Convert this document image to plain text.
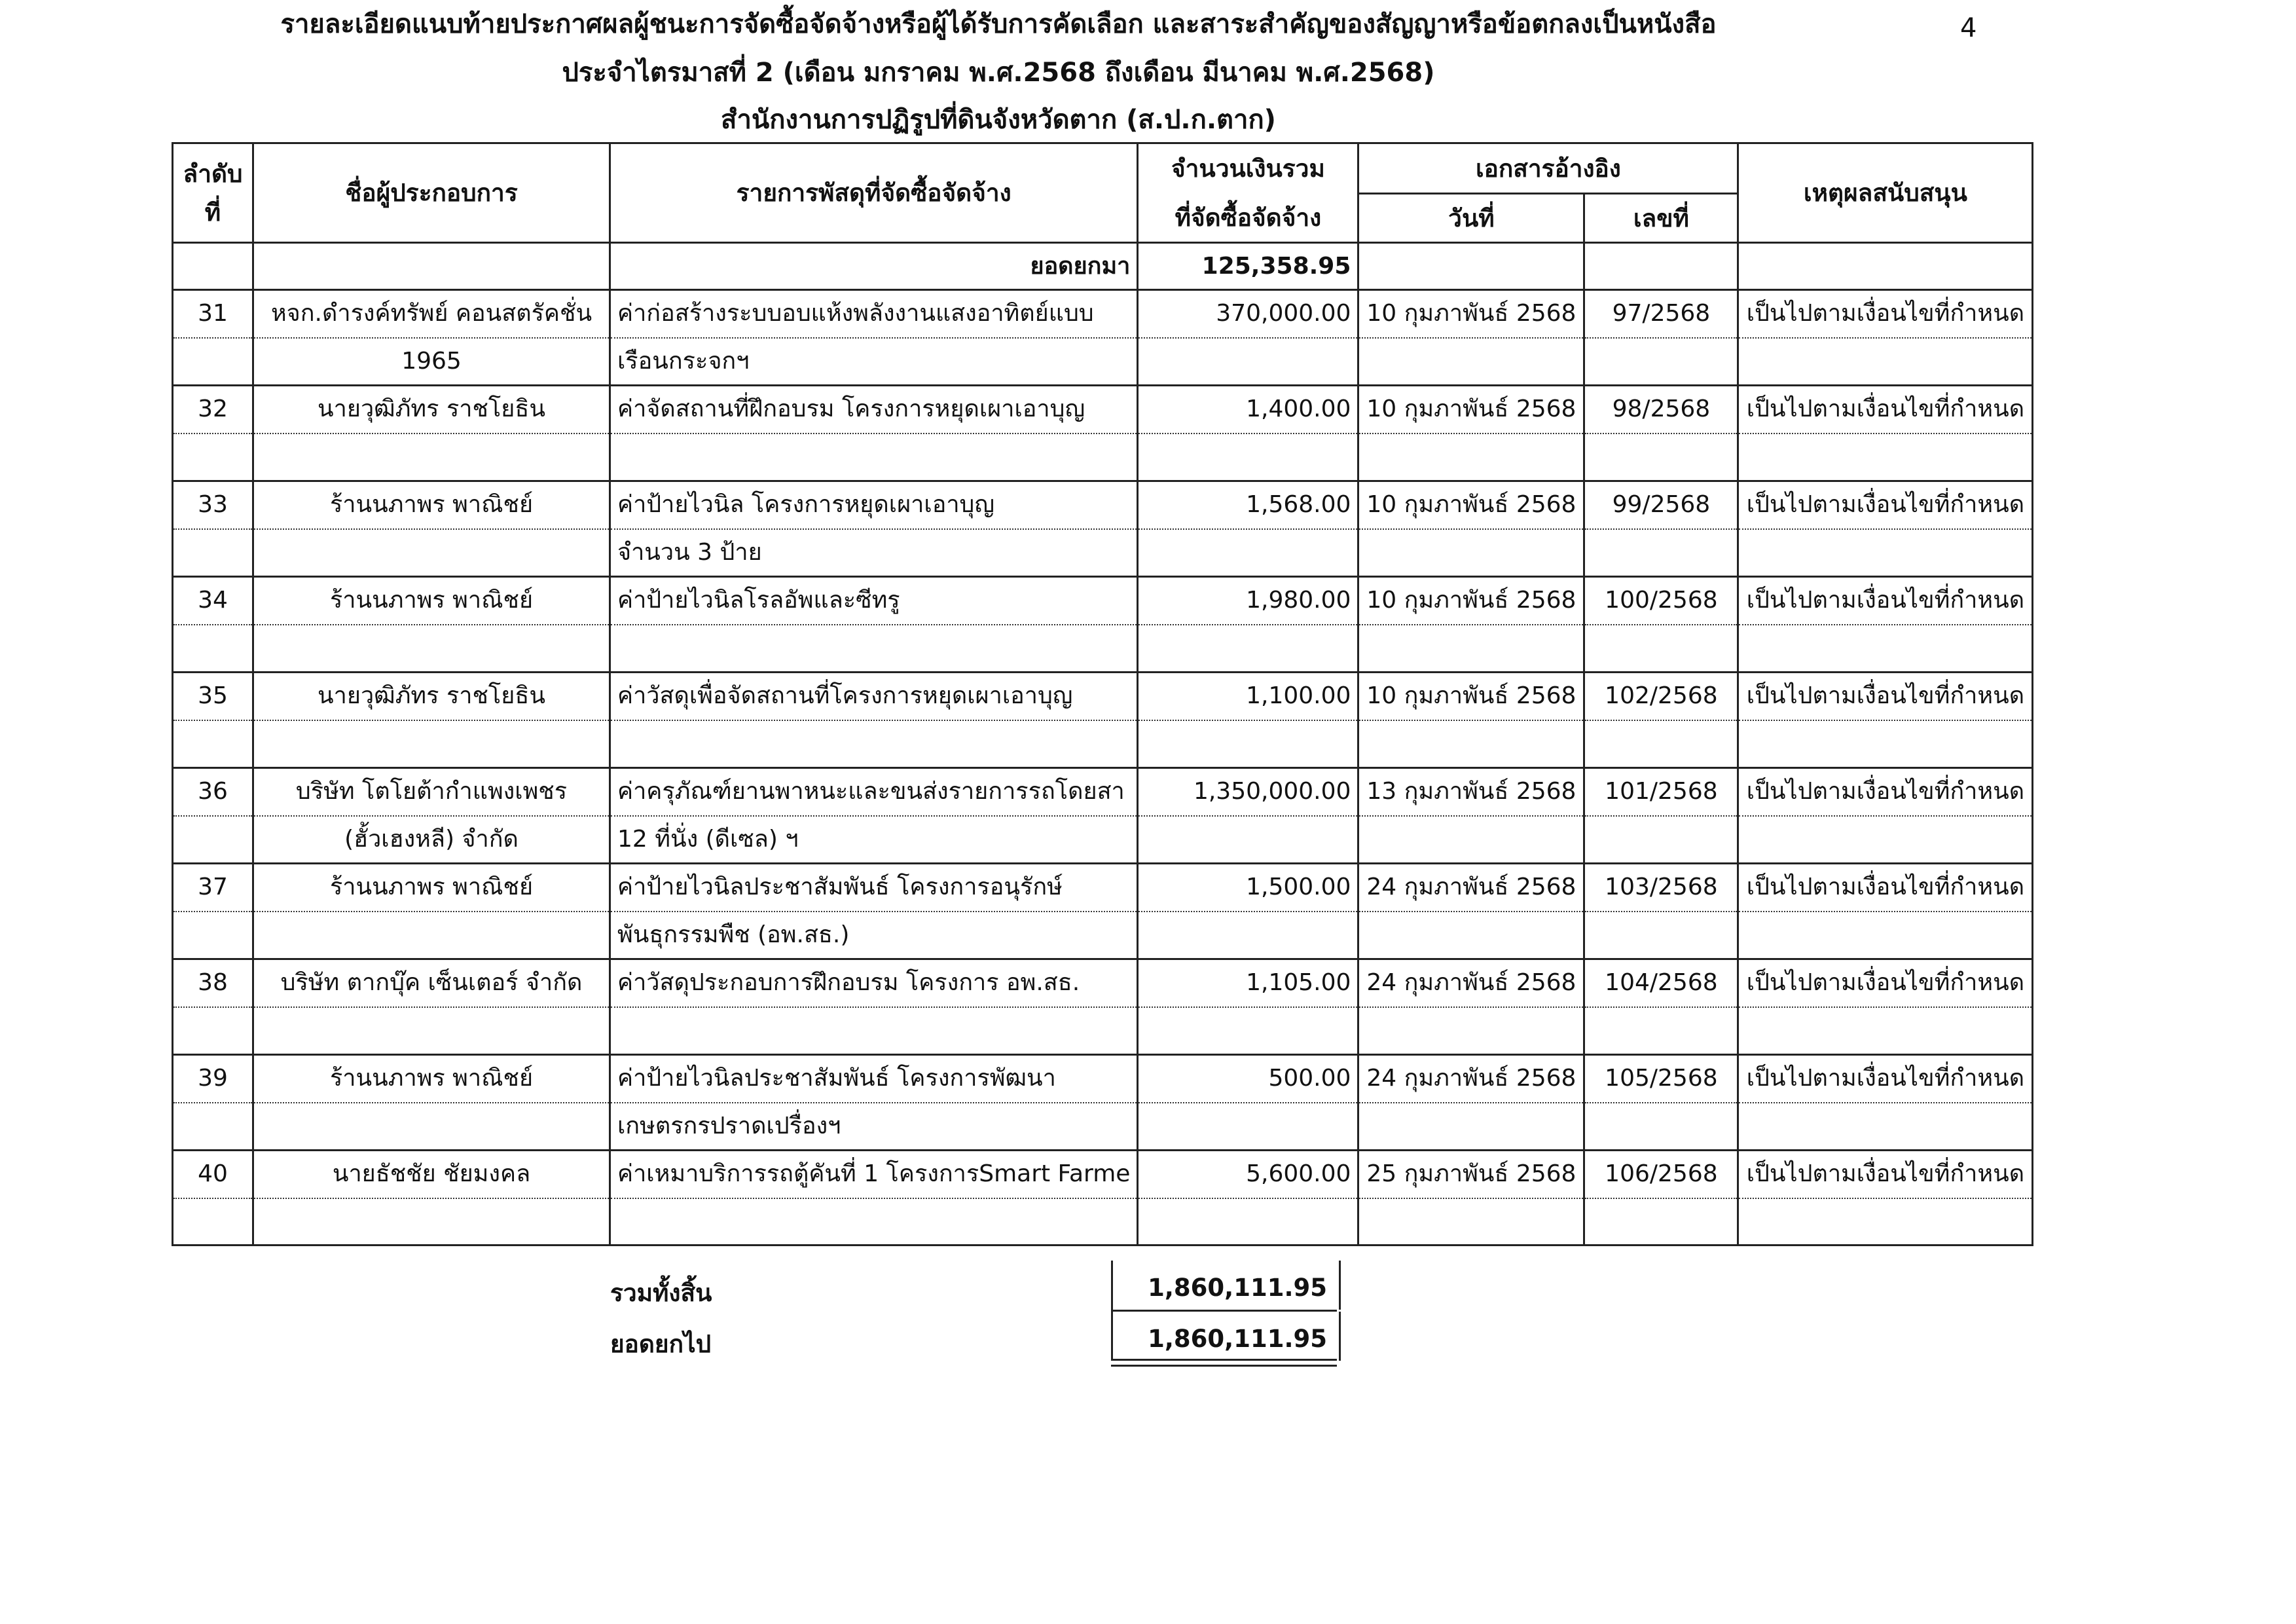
4
รายละเอียดแนบท้ายประกาศผลผู้ชนะการจัดซื้อจัดจ้างหรือผู้ได้รับการคัดเลือก และสาระสำคัญของสัญญาหรือข้อตกลงเป็นหนังสือ
ประจำไตรมาสที่ 2 (เดือน มกราคม พ.ศ.2568 ถึงเดือน มีนาคม พ.ศ.2568)
สำนักงานการปฏิรูปที่ดินจังหวัดตาก (ส.ป.ก.ตาก)
ลำดับ
ที่	ชื่อผู้ประกอบการ	รายการพัสดุที่จัดซื้อจัดจ้าง	จำนวนเงินรวม	เอกสารอ้างอิง		เหตุผลสนับสนุน
			ที่จัดซื้อจัดจ้าง	วันที่	เลขที่	
		ยอดยกมา	125,358.95			
31	หจก.ดำรงค์ทรัพย์ คอนสตรัคชั่น	ค่าก่อสร้างระบบอบแห้งพลังงานแสงอาทิตย์แบบ	370,000.00	10 กุมภาพันธ์ 2568	97/2568	เป็นไปตามเงื่อนไขที่กำหนด
	1965	เรือนกระจกฯ				
32	นายวุฒิภัทร ราชโยธิน	ค่าจัดสถานที่ฝึกอบรม โครงการหยุดเผาเอาบุญ	1,400.00	10 กุมภาพันธ์ 2568	98/2568	เป็นไปตามเงื่อนไขที่กำหนด

33	ร้านนภาพร พาณิชย์	ค่าป้ายไวนิล โครงการหยุดเผาเอาบุญ	1,568.00	10 กุมภาพันธ์ 2568	99/2568	เป็นไปตามเงื่อนไขที่กำหนด
		จำนวน 3 ป้าย				
34	ร้านนภาพร พาณิชย์	ค่าป้ายไวนิลโรลอัพและซีทรู	1,980.00	10 กุมภาพันธ์ 2568	100/2568	เป็นไปตามเงื่อนไขที่กำหนด

35	นายวุฒิภัทร ราชโยธิน	ค่าวัสดุเพื่อจัดสถานที่โครงการหยุดเผาเอาบุญ	1,100.00	10 กุมภาพันธ์ 2568	102/2568	เป็นไปตามเงื่อนไขที่กำหนด

36	บริษัท โตโยต้ากำแพงเพชร	ค่าครุภัณฑ์ยานพาหนะและขนส่งรายการรถโดยสา	1,350,000.00	13 กุมภาพันธ์ 2568	101/2568	เป็นไปตามเงื่อนไขที่กำหนด
	(ฮั้วเฮงหลี) จำกัด	12 ที่นั่ง (ดีเซล) ฯ				
37	ร้านนภาพร พาณิชย์	ค่าป้ายไวนิลประชาสัมพันธ์ โครงการอนุรักษ์	1,500.00	24 กุมภาพันธ์ 2568	103/2568	เป็นไปตามเงื่อนไขที่กำหนด
		พันธุกรรมพืช (อพ.สธ.)				
38	บริษัท ตากบุ๊ค เซ็นเตอร์ จำกัด	ค่าวัสดุประกอบการฝึกอบรม โครงการ อพ.สธ.	1,105.00	24 กุมภาพันธ์ 2568	104/2568	เป็นไปตามเงื่อนไขที่กำหนด

39	ร้านนภาพร พาณิชย์	ค่าป้ายไวนิลประชาสัมพันธ์ โครงการพัฒนา	500.00	24 กุมภาพันธ์ 2568	105/2568	เป็นไปตามเงื่อนไขที่กำหนด
		เกษตรกรปราดเปรื่องฯ				
40	นายธัชชัย ชัยมงคล	ค่าเหมาบริการรถตู้คันที่ 1 โครงการSmart Farme	5,600.00	25 กุมภาพันธ์ 2568	106/2568	เป็นไปตามเงื่อนไขที่กำหนด

รวมทั้งสิ้น	1,860,111.95
ยอดยกไป	1,860,111.95
